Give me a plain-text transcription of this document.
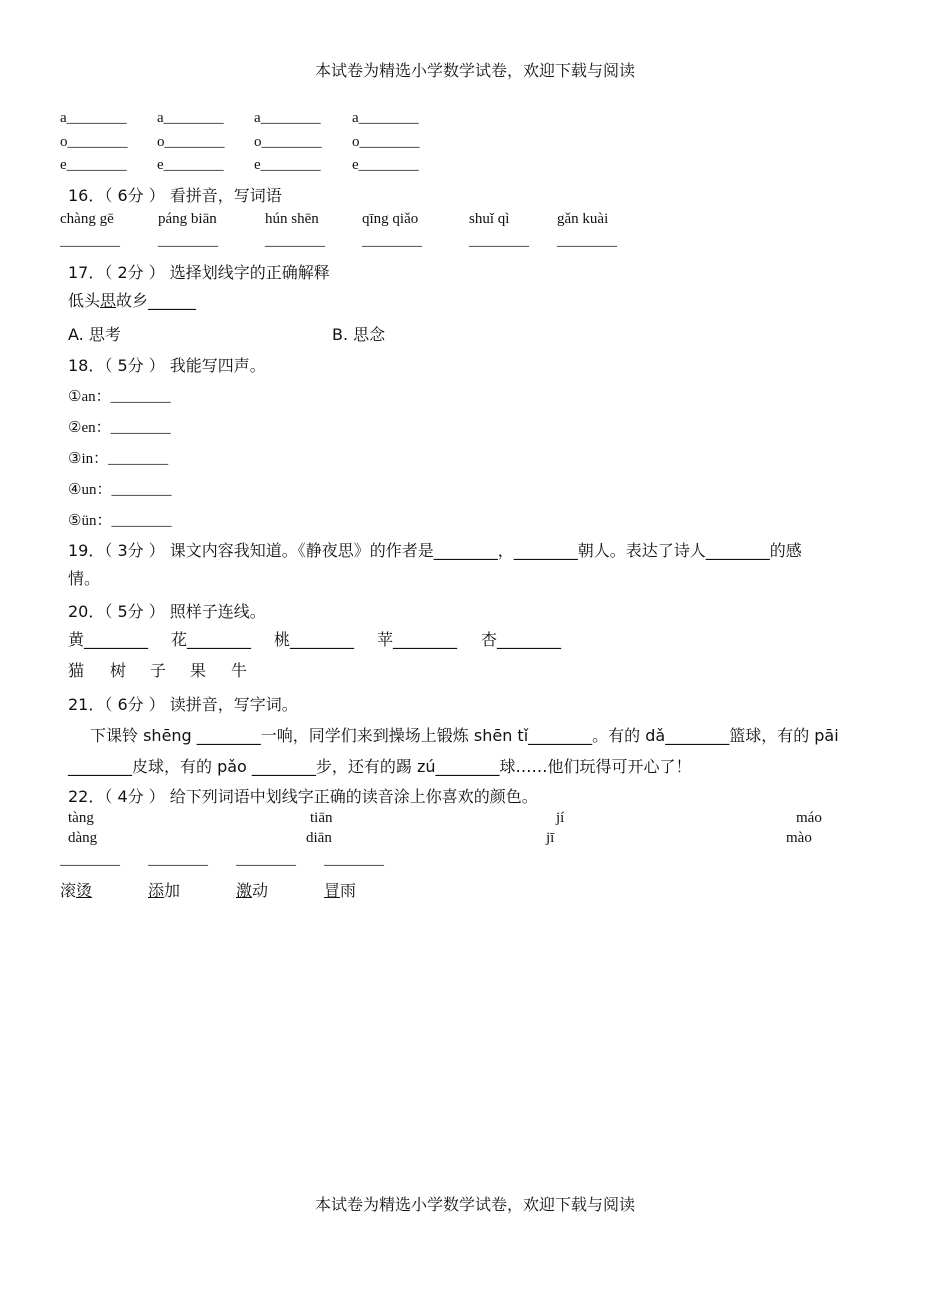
本试卷为精选小学数学试卷，欢迎下载与阅读
a________ a________ a________ a________
o________ o________ o________ o________
e________ e________ e________ e________
16．（ 6分 ） 看拼音，写词语
chàng gē	páng biān	hún shēn	qīng qiǎo	shuǐ qì	gǎn kuài
________	________	________ ________	________ ________
17．（ 2分 ） 选择划线字的正确解释
低头思故乡______
A. 思考	B. 思念
18．（ 5分 ） 我能写四声。
①an：________
②en：________
③in：________
④un：________
⑤ün：________
19．（ 3分 ） 课文内容我知道。《静夜思》的作者是________，________朝人。表达了诗人________的感
情。
20．（ 5分 ） 照样子连线。
黄________ 花________ 桃________ 苹________ 杏________
猫 树 子 果 牛
21．（ 6分 ） 读拼音，写字词。
下课铃 shēng ________一响，同学们来到操场上锻炼 shēn tǐ________。有的 dǎ________篮球，有的 pāi
________皮球，有的 pǎo ________步，还有的踢 zú________球……他们玩得可开心了！
22．（ 4分 ） 给下列词语中划线字正确的读音涂上你喜欢的颜色。
tàng	tiān	jí	máo
dàng	diān	jī	mào
________ ________ ________ ________
滚烫	添加	激动	冒雨
本试卷为精选小学数学试卷，欢迎下载与阅读
